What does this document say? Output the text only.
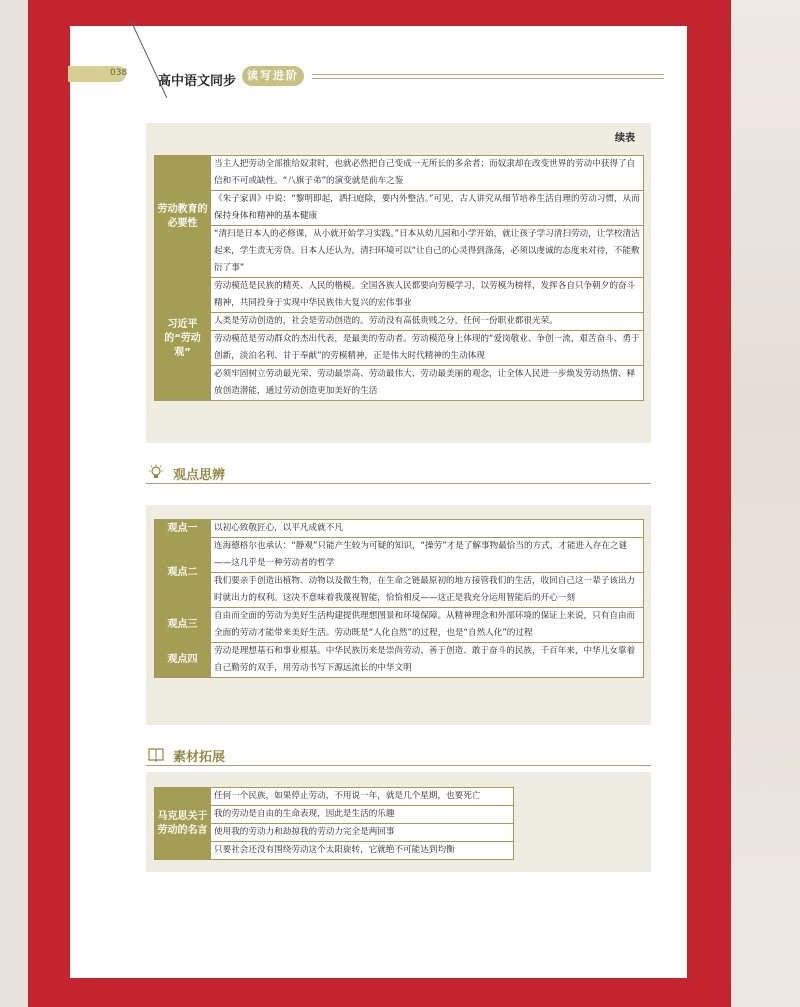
038
高中语文同步 读写进阶
续表
劳动教育的必要性	当主人把劳动全部推给奴隶时，也就必然把自己变成一无所长的多余者；而奴隶却在改变世界的劳动中获得了自信和不可或缺性。“八旗子弟”的演变就是前车之鉴
	《朱子家训》中说：“黎明即起，洒扫庭除，要内外整洁。”可见，古人讲究从细节培养生活自理的劳动习惯，从而保持身体和精神的基本健康
	“清扫是日本人的必修课，从小就开始学习实践。”日本从幼儿园和小学开始，就让孩子学习清扫劳动，让学校清洁起来，学生责无旁贷。日本人还认为，清扫环境可以“让自己的心灵得到涤荡，必须以虔诚的态度来对待，不能敷衍了事”
习近平的“劳动观”	劳动模范是民族的精英、人民的楷模。全国各族人民都要向劳模学习，以劳模为榜样，发挥各自只争朝夕的奋斗精神，共同投身于实现中华民族伟大复兴的宏伟事业
	人类是劳动创造的，社会是劳动创造的。劳动没有高低贵贱之分，任何一份职业都很光荣。
	劳动模范是劳动群众的杰出代表，是最美的劳动者。劳动模范身上体现的“爱岗敬业、争创一流，艰苦奋斗、勇于创新，淡泊名利、甘于奉献”的劳模精神，正是伟大时代精神的生动体现
	必须牢固树立劳动最光荣、劳动最崇高、劳动最伟大、劳动最美丽的观念，让全体人民进一步焕发劳动热情、释放创造潜能，通过劳动创造更加美好的生活
观点思辨
观点一	以初心致敬匠心，以平凡成就不凡
观点二	连海德格尔也承认：“静观”只能产生较为可疑的知识，“操劳”才是了解事物最恰当的方式，才能进入存在之谜——这几乎是一种劳动者的哲学
	我们要亲手创造出植物、动物以及微生物，在生命之链最原初的地方接管我们的生活，收回自己这一辈子该出力时就出力的权利。这决不意味着我蔑视智能，恰恰相反——这正是我充分运用智能后的开心一刻
观点三	自由而全面的劳动为美好生活构建提供理想图景和环境保障。从精神理念和外部环境的保证上来说，只有自由而全面的劳动才能带来美好生活。劳动既是“人化自然”的过程，也是“自然人化”的过程
观点四	劳动是理想基石和事业根基。中华民族历来是崇尚劳动、善于创造、敢于奋斗的民族，千百年来，中华儿女靠着自己勤劳的双手，用劳动书写下源远流长的中华文明
素材拓展
马克思关于劳动的名言	任何一个民族，如果停止劳动，不用说一年，就是几个星期，也要死亡
我的劳动是自由的生命表现，因此是生活的乐趣
使用我的劳动力和劫掠我的劳动力完全是两回事
只要社会还没有围绕劳动这个太阳旋转，它就绝不可能达到均衡
